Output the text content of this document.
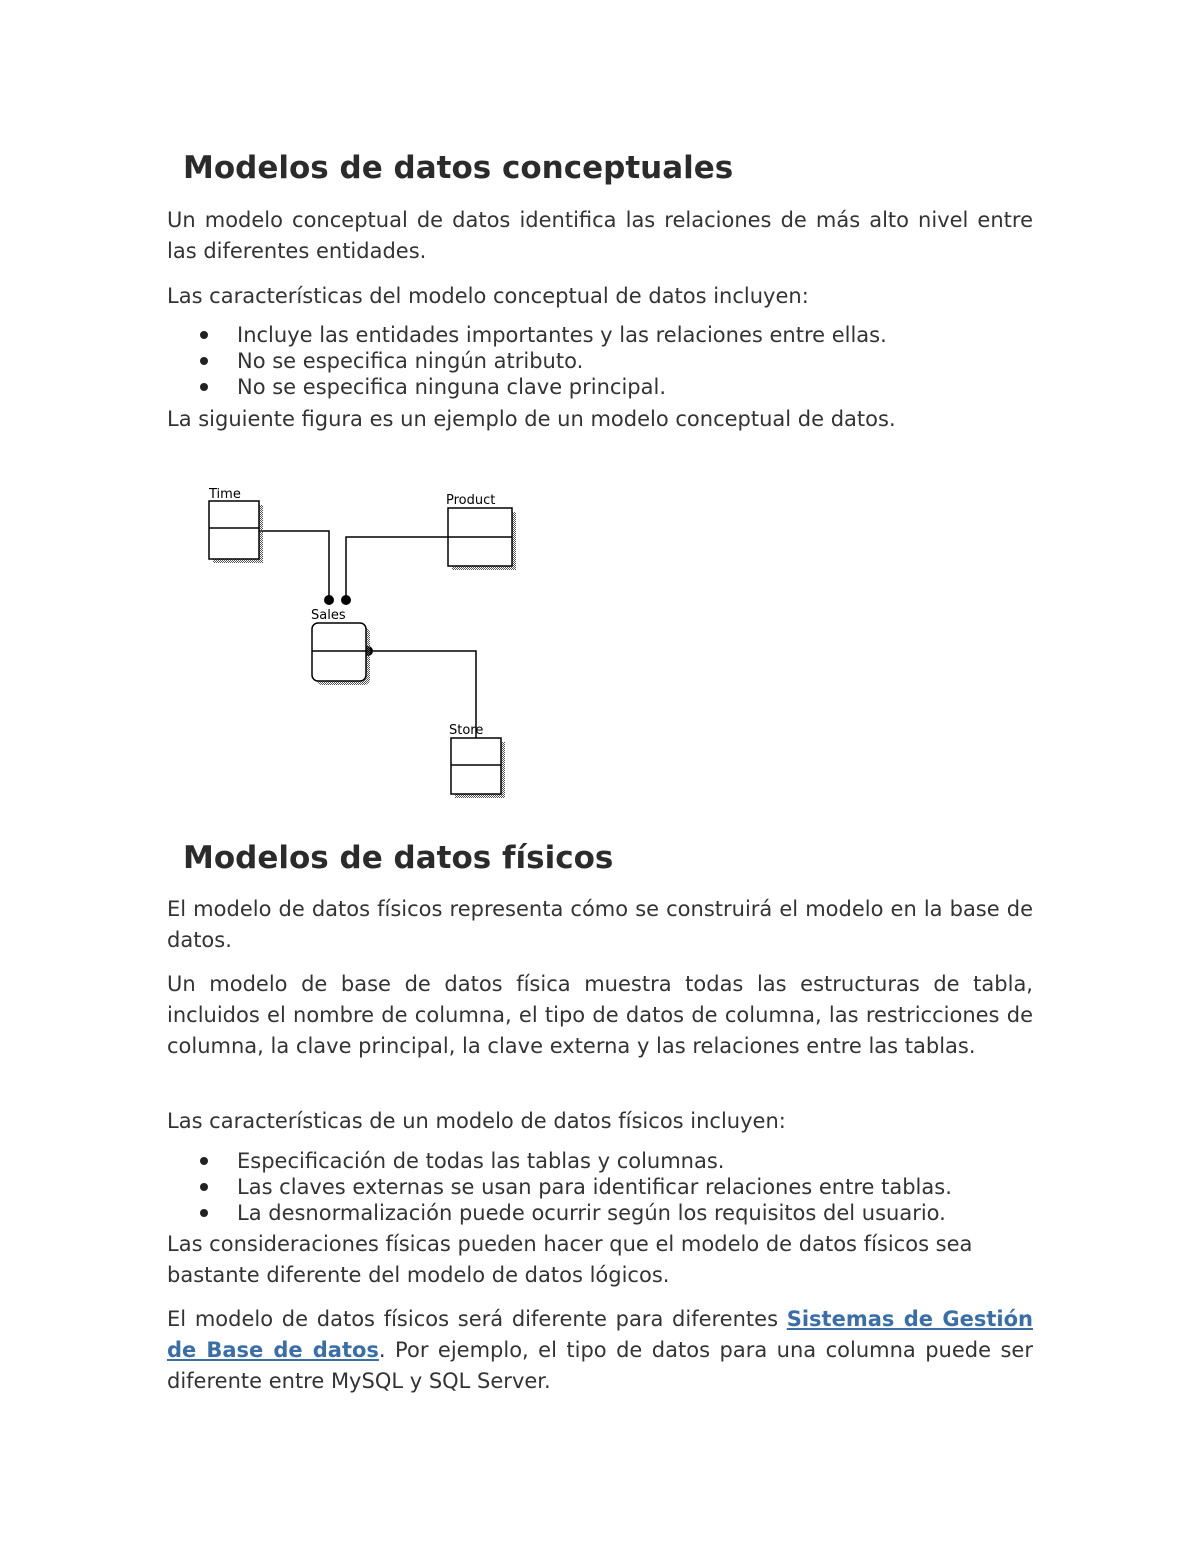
Modelos de datos conceptuales

Un modelo conceptual de datos identifica las relaciones de más alto nivel entre las diferentes entidades.

Las características del modelo conceptual de datos incluyen:

Incluye las entidades importantes y las relaciones entre ellas.
No se especifica ningún atributo.
No se especifica ninguna clave principal.

La siguiente figura es un ejemplo de un modelo conceptual de datos.

Time	Product
Sales
Store
Modelos de datos físicos

El modelo de datos físicos representa cómo se construirá el modelo en la base de datos.

Un modelo de base de datos física muestra todas las estructuras de tabla, incluidos el nombre de columna, el tipo de datos de columna, las restricciones de columna, la clave principal, la clave externa y las relaciones entre las tablas.

Las características de un modelo de datos físicos incluyen:

Especificación de todas las tablas y columnas.
Las claves externas se usan para identificar relaciones entre tablas.
La desnormalización puede ocurrir según los requisitos del usuario.

Las consideraciones físicas pueden hacer que el modelo de datos físicos sea bastante diferente del modelo de datos lógicos.

El modelo de datos físicos será diferente para diferentes Sistemas de Gestión de Base de datos. Por ejemplo, el tipo de datos para una columna puede ser diferente entre MySQL y SQL Server.
